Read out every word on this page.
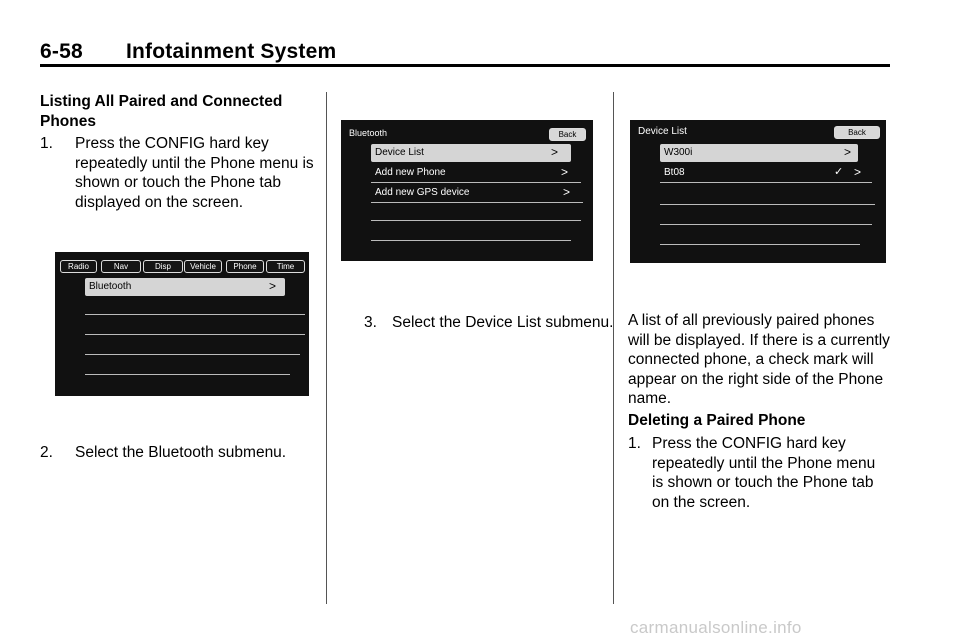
6-58 Infotainment System
Listing All Paired and Connected Phones
1. Press the CONFIG hard key repeatedly until the Phone menu is shown or touch the Phone tab displayed on the screen.
Radio	Nav	Disp	Vehicle	Phone	Time
Bluetooth	>
2. Select the Bluetooth submenu.
Bluetooth	Back
Device List	>
Add new Phone	>
Add new GPS device	>
3. Select the Device List submenu.
Device List	Back
W300i	>
Bt08	✓ >
A list of all previously paired phones will be displayed. If there is a currently connected phone, a check mark will appear on the right side of the Phone name.
Deleting a Paired Phone
1. Press the CONFIG hard key repeatedly until the Phone menu is shown or touch the Phone tab on the screen.
carmanualsonline.info
